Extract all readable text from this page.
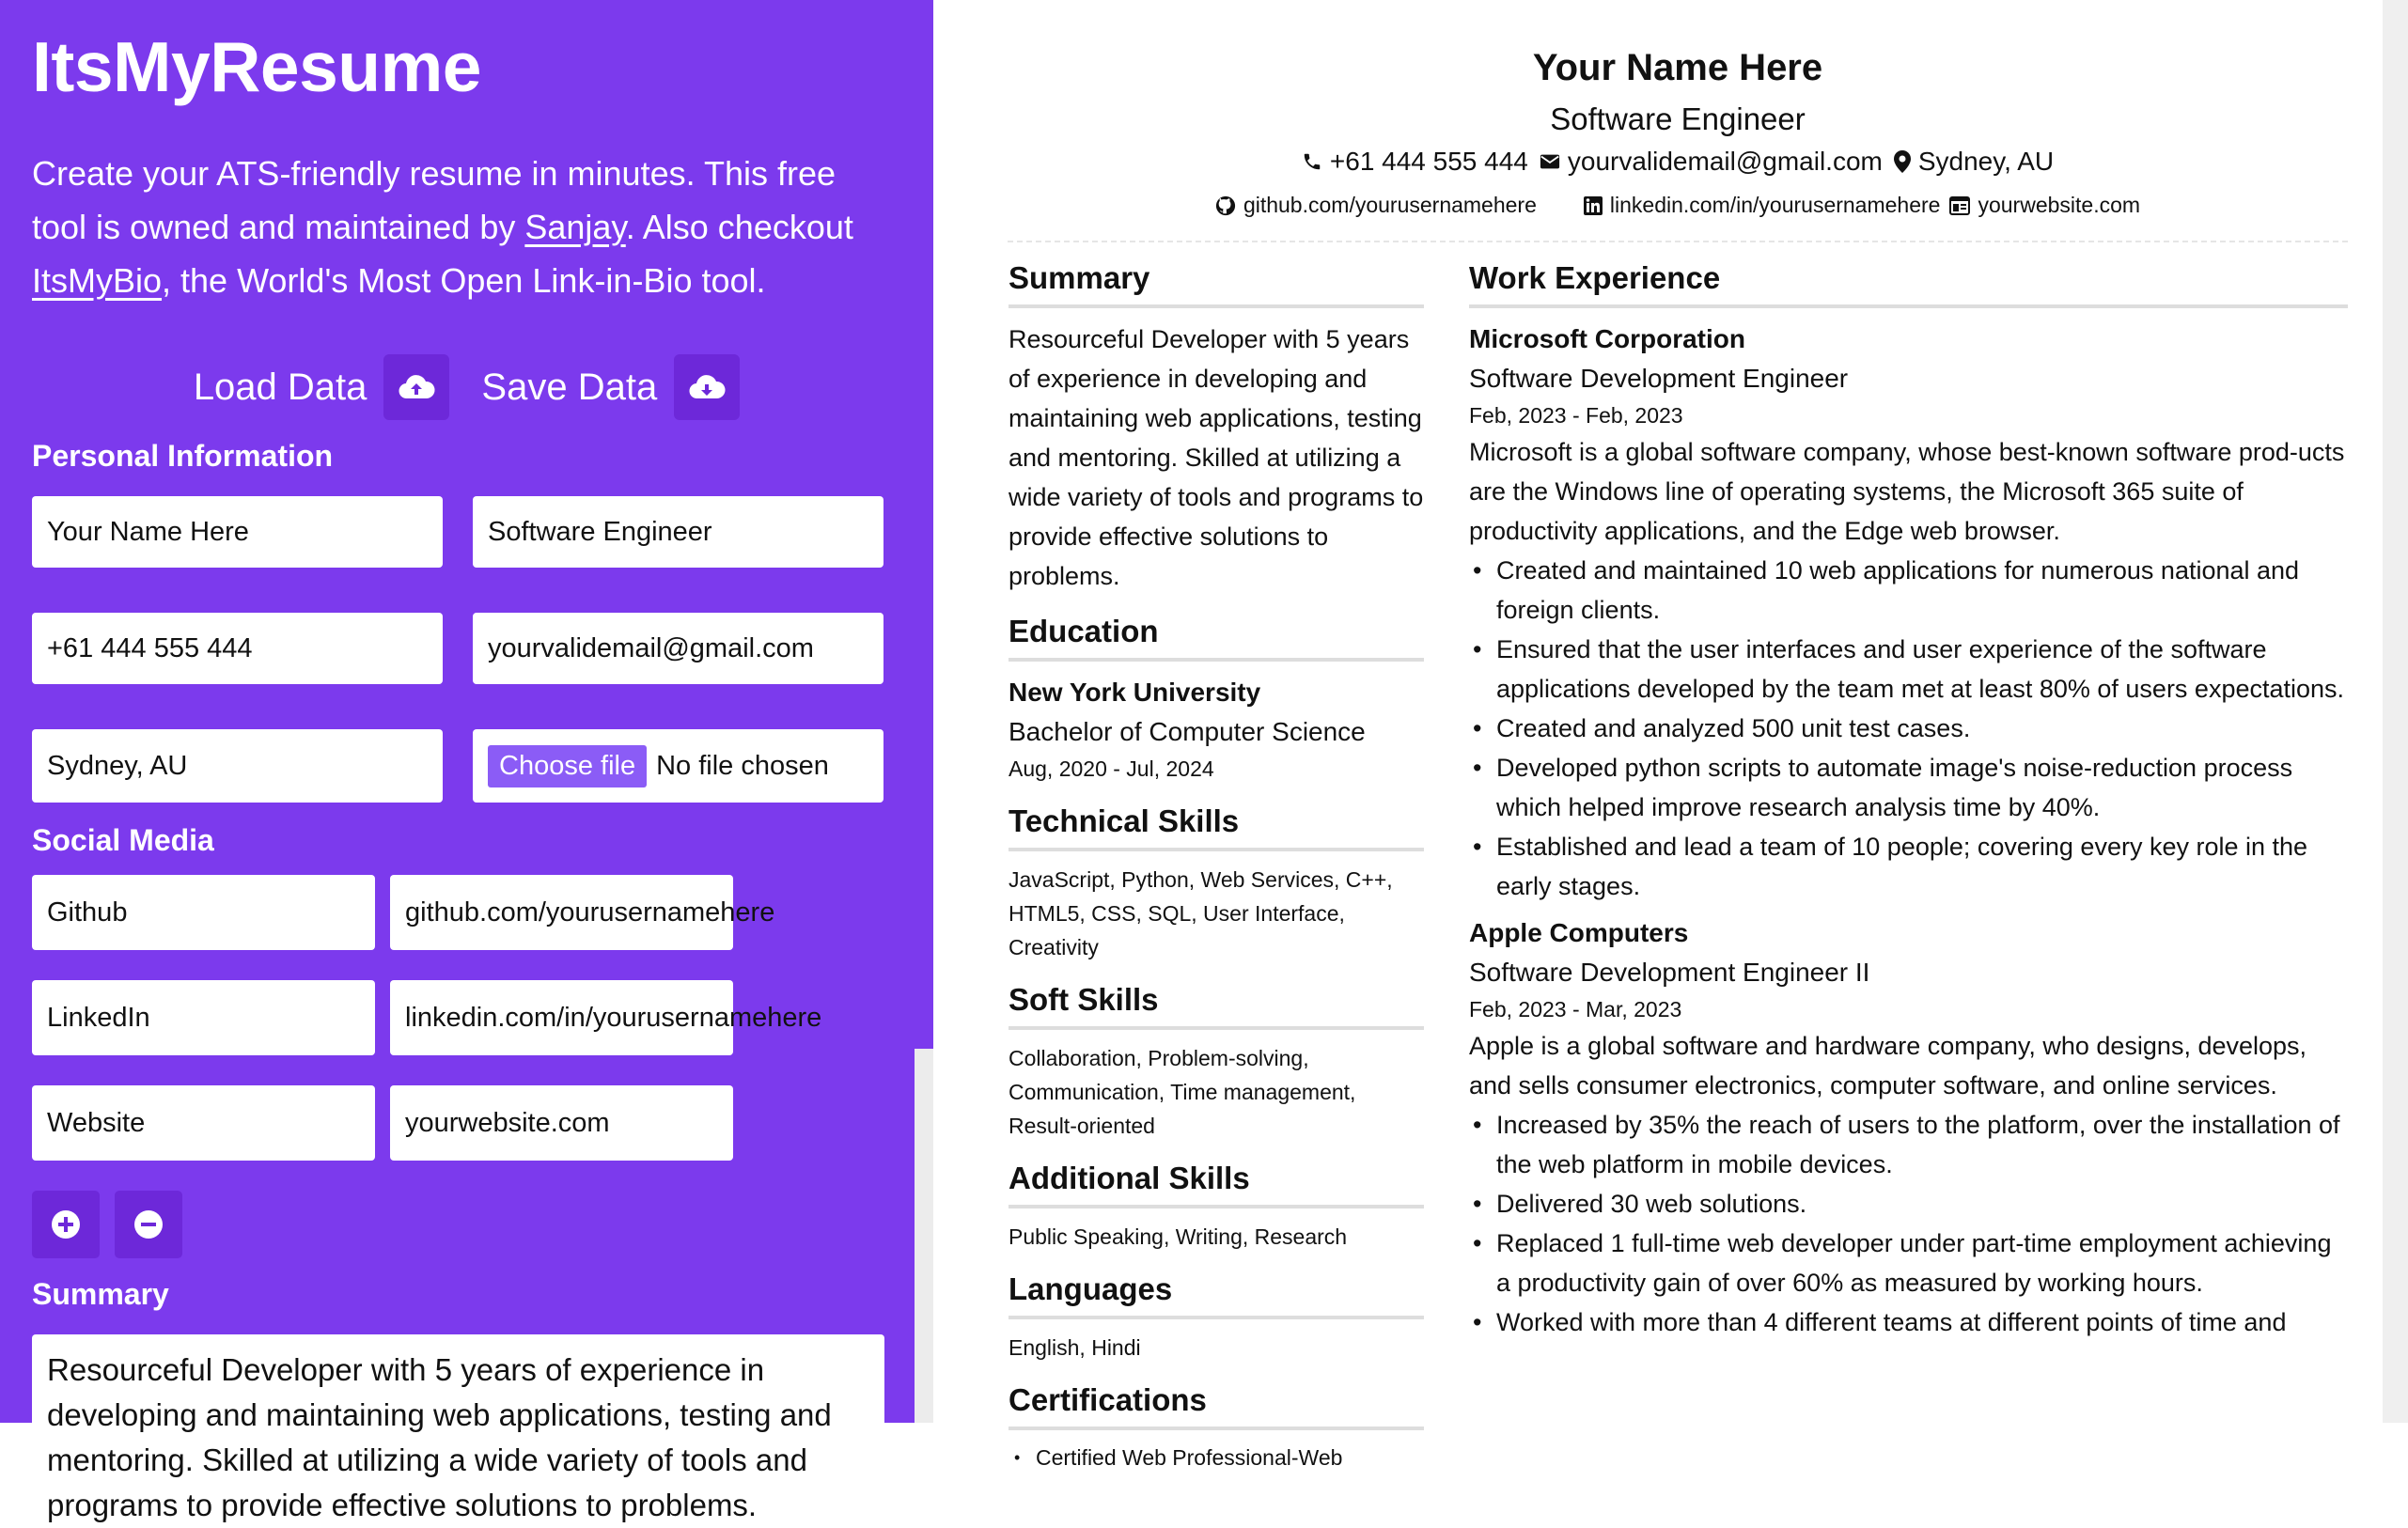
ItsMyResume

Create your ATS-friendly resume in minutes. This free tool is owned and maintained by Sanjay. Also checkout ItsMyBio, the World's Most Open Link-in-Bio tool.

Load Data	Save Data
Personal Information
Your Name Here	Software Engineer
+61 444 555 444	yourvalidemail@gmail.com
Sydney, AU	Choose file No file chosen
Social Media
Github	github.com/yourusernamehere
LinkedIn	linkedin.com/in/yourusernamehere
Website	yourwebsite.com
Summary
Resourceful Developer with 5 years of experience in developing and maintaining web applications, testing and mentoring. Skilled at utilizing a wide variety of tools and programs to provide effective solutions to problems.
Your Name Here
Software Engineer
+61 444 555 444 yourvalidemail@gmail.com Sydney, AU
github.com/yourusernamehere	linkedin.com/in/yourusernamehere yourwebsite.com
Summary
Resourceful Developer with 5 years of experience in developing and maintaining web applications, testing and mentoring. Skilled at utilizing a wide variety of tools and programs to provide effective solutions to problems.
Education
New York University
Bachelor of Computer Science
Aug, 2020 - Jul, 2024
Technical Skills
JavaScript, Python, Web Services, C++, HTML5, CSS, SQL, User Interface, Creativity
Soft Skills
Collaboration, Problem-solving, Communication, Time management, Result-oriented
Additional Skills
Public Speaking, Writing, Research
Languages
English, Hindi
Certifications
• Certified Web Professional-Web
Work Experience
Microsoft Corporation
Software Development Engineer
Feb, 2023 - Feb, 2023
Microsoft is a global software company, whose best-known software prod-ucts are the Windows line of operating systems, the Microsoft 365 suite of productivity applications, and the Edge web browser.
• Created and maintained 10 web applications for numerous national and foreign clients.
• Ensured that the user interfaces and user experience of the software applications developed by the team met at least 80% of users expectations.
• Created and analyzed 500 unit test cases.
• Developed python scripts to automate image's noise-reduction process which helped improve research analysis time by 40%.
• Established and lead a team of 10 people; covering every key role in the early stages.
Apple Computers
Software Development Engineer II
Feb, 2023 - Mar, 2023
Apple is a global software and hardware company, who designs, develops, and sells consumer electronics, computer software, and online services.
• Increased by 35% the reach of users to the platform, over the installation of the web platform in mobile devices.
• Delivered 30 web solutions.
• Replaced 1 full-time web developer under part-time employment achieving a productivity gain of over 60% as measured by working hours.
• Worked with more than 4 different teams at different points of time and
